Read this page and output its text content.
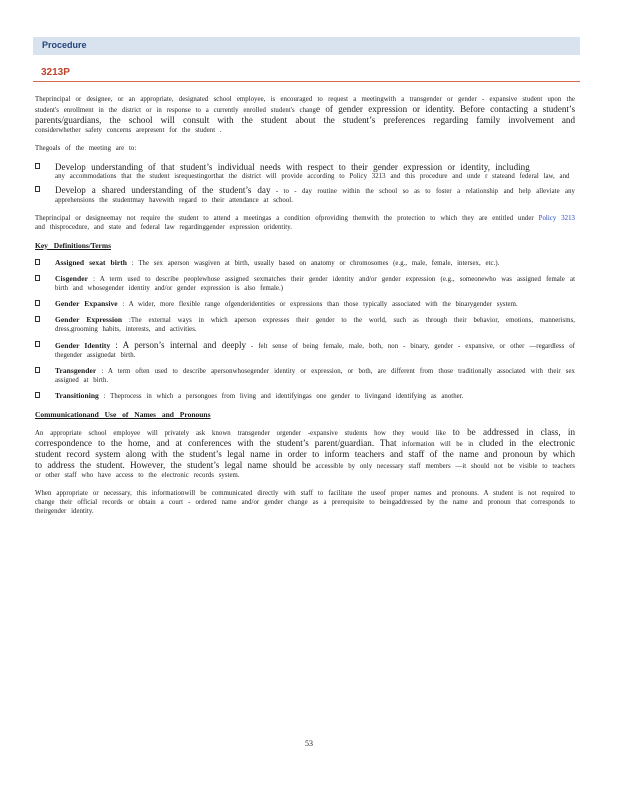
Procedure
3213P

Theprincipal or designee, or an appropriate, designated school employee, is encouraged to request a meetingwith a transgender or gender - expansive student upon the student's enrollment in the district or in response to a currently enrolled student's change of gender expression or identity. Before contacting a student’s parents/guardians, the school will consult with the student about the student’s preferences regarding family involvement and considerwhether safety concerns arepresent for the student .

Thegoals of the meeting are to:

Develop understanding of that student’s individual needs with respect to their gender expression or identity, including
any accommodations that the student isrequestingorthat the district will provide according to Policy 3213 and this procedure and unde r stateand federal law, and
Develop a shared understanding of the student’s day - to - day routine within the school so as to foster a relationship and help alleviate any apprehensions the studentmay havewith regard to their attendance at school.

Theprincipal or designeemay not require the student to attend a meetingas a condition ofproviding themwith the protection to which they are entitled under Policy 3213 and thisprocedure, and state and federal law regardinggender expression oridentity.

Key Definitions/Terms
Assigned sexat birth : The sex aperson wasgiven at birth, usually based on anatomy or chromosomes (e.g., male, female, intersex, etc.).
Cisgender : A term used to describe peoplewhose assigned sexmatches their gender identity and/or gender expression (e.g., someonewho was assigned female at birth and whosegender identity and/or gender expression is also female.)
Gender Expansive : A wider, more flexible range ofgenderidentities or expressions than those typically associated with the binarygender system.
Gender Expression :The external ways in which aperson expresses their gender to the world, such as through their behavior, emotions, mannerisms, dress,grooming habits, interests, and activities.
Gender Identity : A person’s internal and deeply - felt sense of being female, male, both, non - binary, gender - expansive, or other —regardless of thegender assignedat birth.
Transgender : A term often used to describe apersonwhosegender identity or expression, or both, are different from those traditionally associated with their sex assigned at birth.
Transitioning : Theprocess in which a persongoes from living and identifyingas one gender to livingand identifying as another.
Communicationand Use of Names and Pronouns

An appropriate school employee will privately ask known transgender orgender -expansive students how they would like to be addressed in class, in correspondence to the home, and at conferences with the student’s parent/guardian. That information will be in cluded in the electronic student record system along with the student’s legal name in order to inform teachers and staff of the name and pronoun by which to address the student. However, the student’s legal name should be accessible by only necessary staff members —it should not be visible to teachers or other staff who have access to the electronic records system.

When appropriate or necessary, this informationwill be communicated directly with staff to facilitate the useof proper names and pronouns. A student is not required to change their official records or obtain a court - ordered name and/or gender change as a prerequisite to beingaddressed by the name and pronoun that corresponds to theirgender identity.

53
